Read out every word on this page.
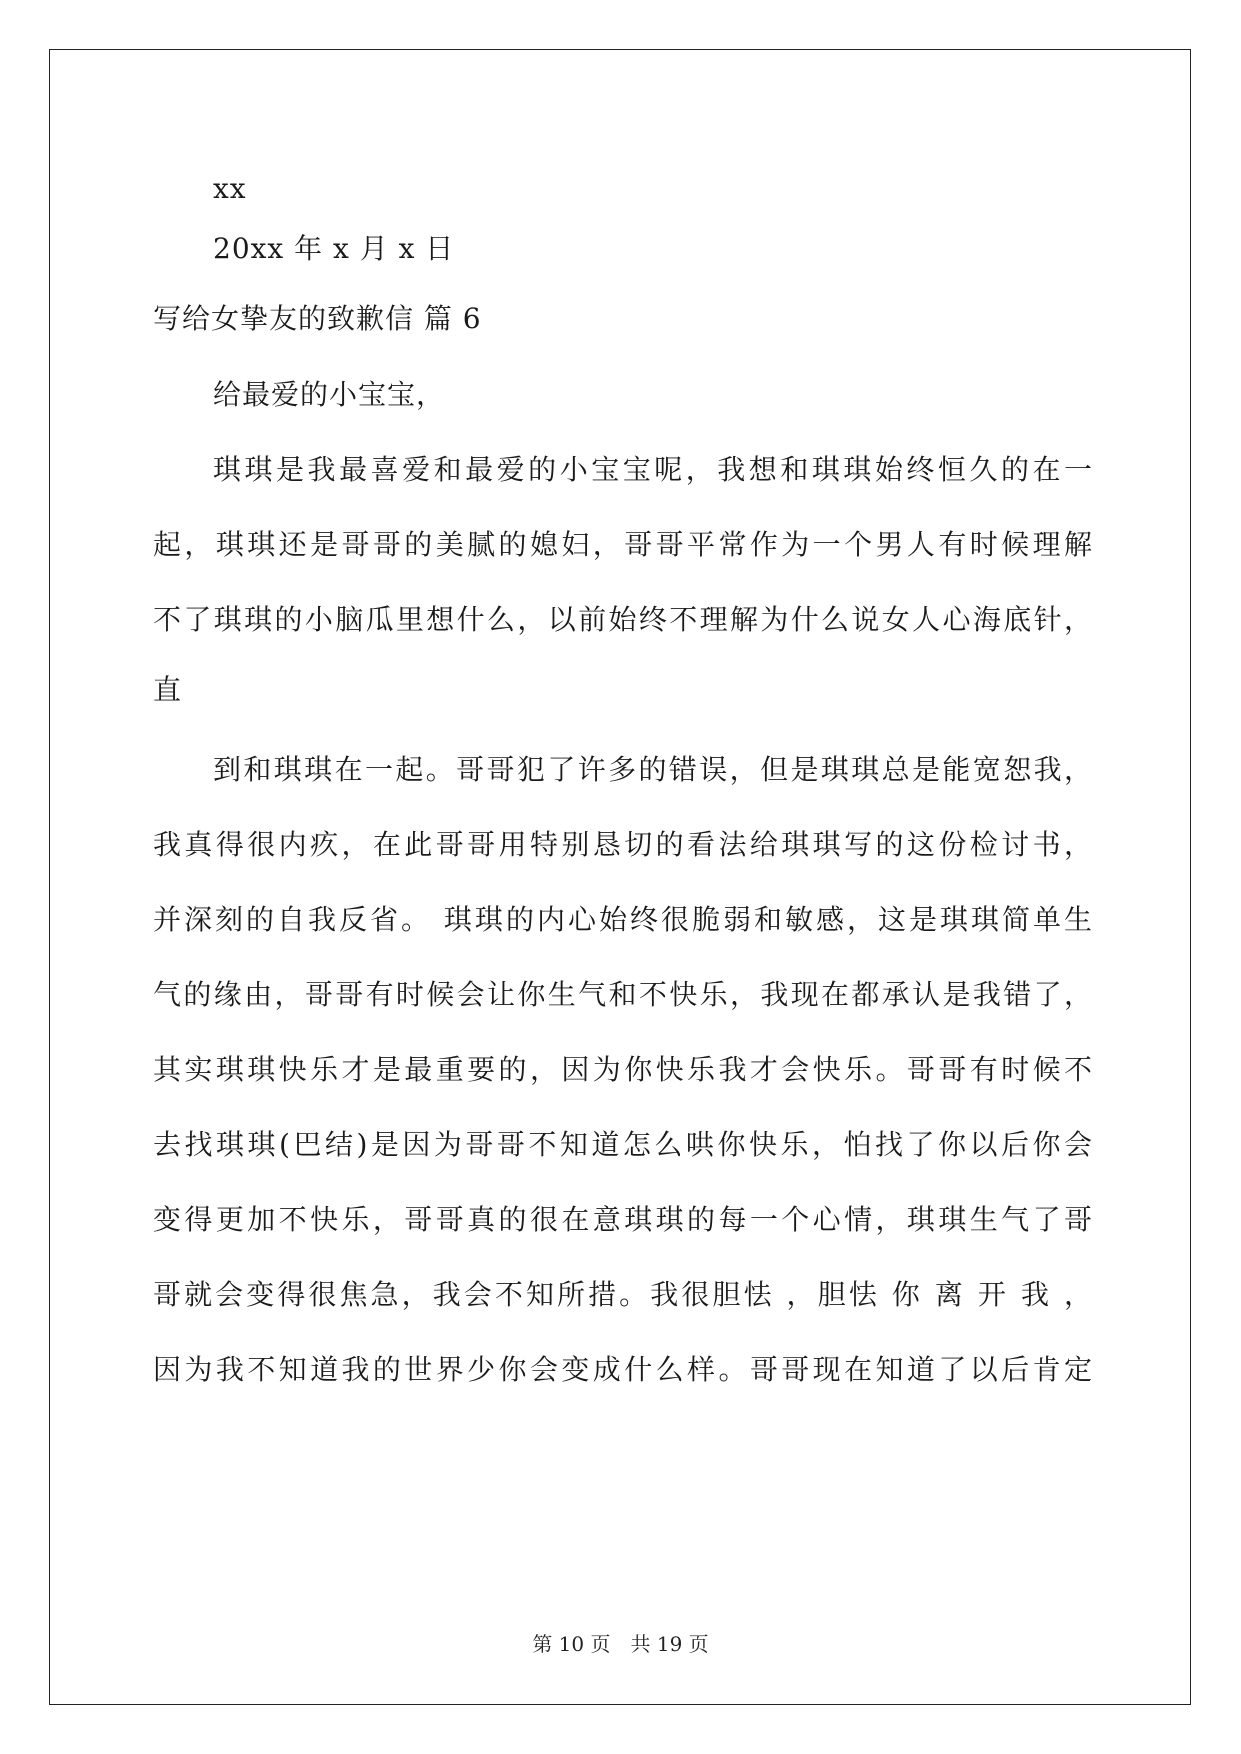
xx
20xx 年 x 月 x 日
写给女挚友的致歉信 篇 6
给最爱的小宝宝，
琪琪是我最喜爱和最爱的小宝宝呢，我想和琪琪始终恒久的在一
起，琪琪还是哥哥的美腻的媳妇，哥哥平常作为一个男人有时候理解
不了琪琪的小脑瓜里想什么，以前始终不理解为什么说女人心海底针，
直
到和琪琪在一起。哥哥犯了许多的错误，但是琪琪总是能宽恕我，
我真得很内疚，在此哥哥用特别恳切的看法给琪琪写的这份检讨书，
并深刻的自我反省。 琪琪的内心始终很脆弱和敏感，这是琪琪简单生
气的缘由，哥哥有时候会让你生气和不快乐，我现在都承认是我错了，
其实琪琪快乐才是最重要的，因为你快乐我才会快乐。哥哥有时候不
去找琪琪(巴结)是因为哥哥不知道怎么哄你快乐，怕找了你以后你会
变得更加不快乐，哥哥真的很在意琪琪的每一个心情，琪琪生气了哥
哥就会变得很焦急，我会不知所措。我很胆怯 ，胆怯 你 离 开 我 ，
因为我不知道我的世界少你会变成什么样。哥哥现在知道了以后肯定
第 10 页 共 19 页
